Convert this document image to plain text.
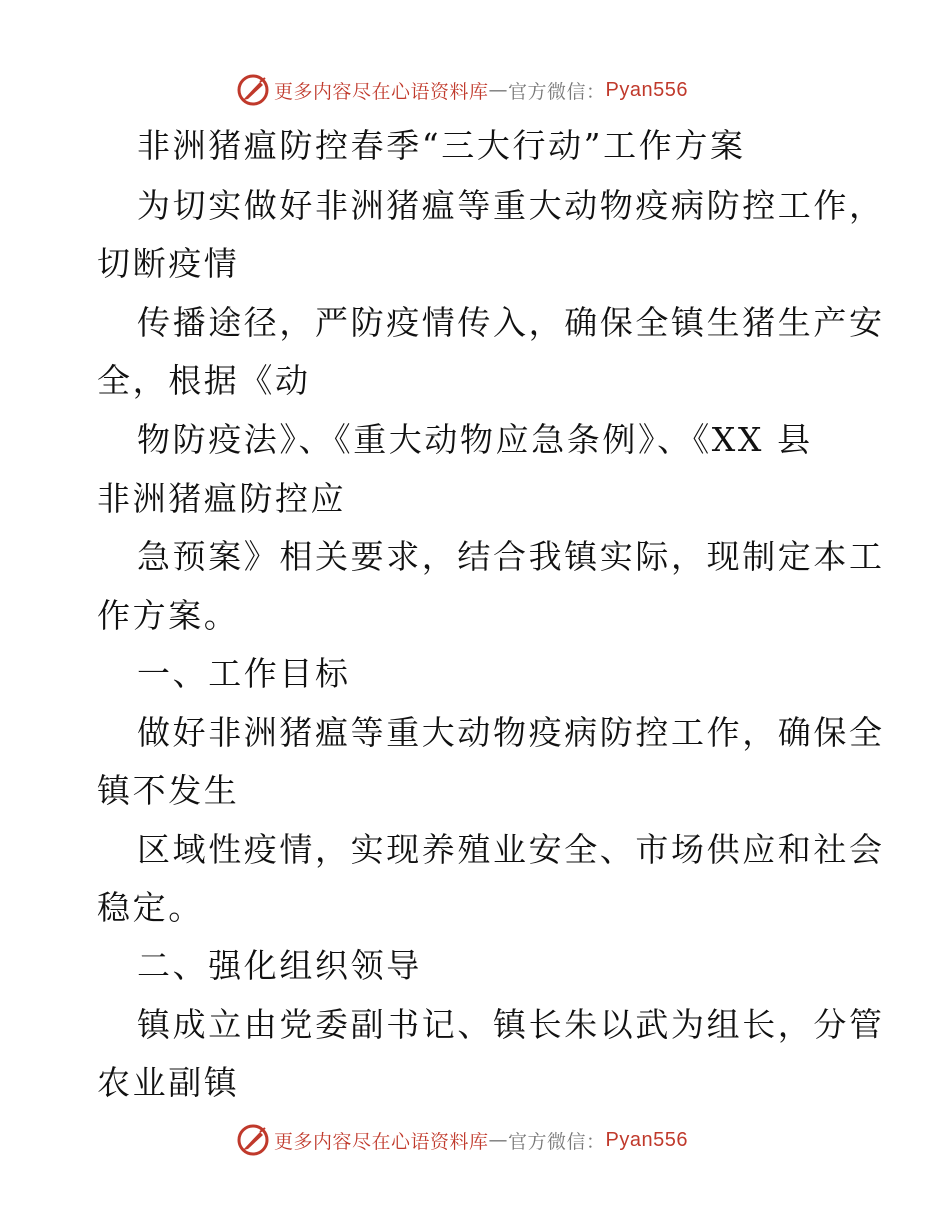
更多内容尽在心语资料库 — 官方微信： Pyan556

非洲猪瘟防控春季“三大行动”工作方案

为切实做好非洲猪瘟等重大动物疫病防控工作，

切断疫情

传播途径，严防疫情传入，确保全镇生猪生产安

全，根据《动

物防疫法》、《重大动物应急条例》、《XX 县

非洲猪瘟防控应

急预案》相关要求，结合我镇实际，现制定本工

作方案。

一、工作目标

做好非洲猪瘟等重大动物疫病防控工作，确保全

镇不发生

区域性疫情，实现养殖业安全、市场供应和社会

稳定。

二、强化组织领导

镇成立由党委副书记、镇长朱以武为组长，分管

农业副镇

更多内容尽在心语资料库 — 官方微信： Pyan556
